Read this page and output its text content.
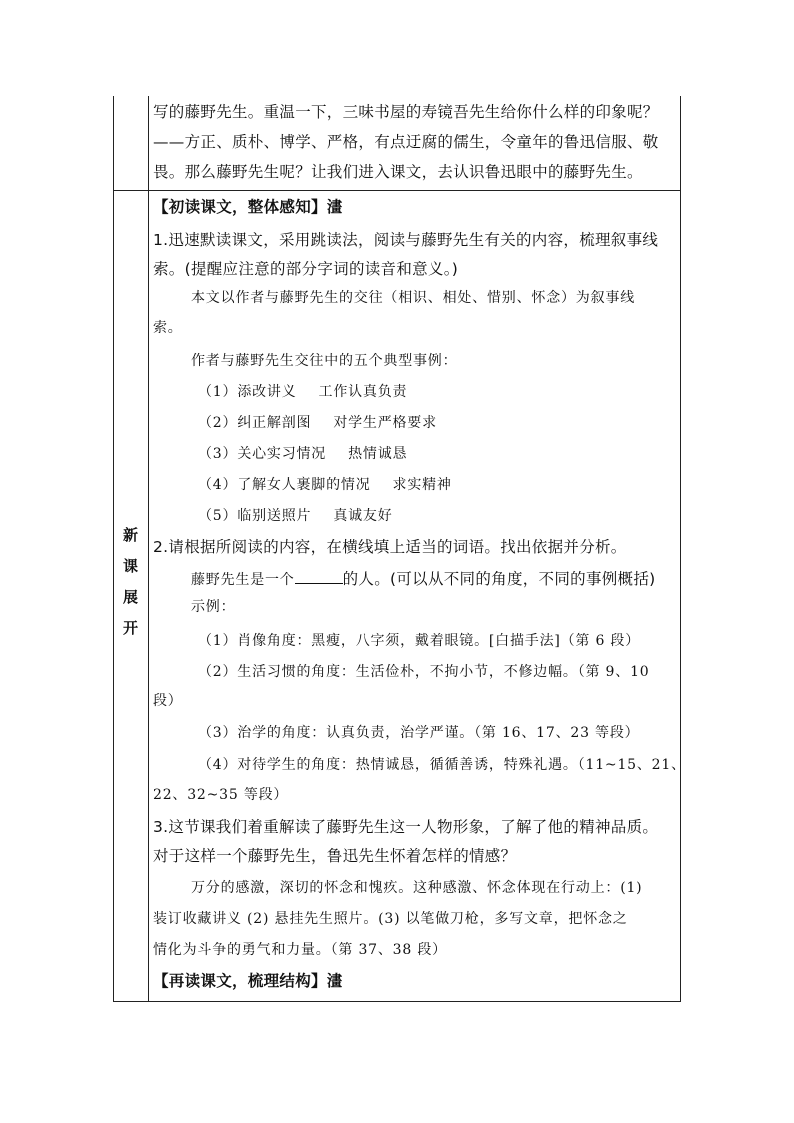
写的藤野先生。重温一下，三味书屋的寿镜吾先生给你什么样的印象呢？
——方正、质朴、博学、严格，有点迂腐的儒生，令童年的鲁迅信服、敬
畏。那么藤野先生呢？让我们进入课文，去认识鲁迅眼中的藤野先生。
新
课
展
开
【初读课文，整体感知】澅
1.迅速默读课文，采用跳读法，阅读与藤野先生有关的内容，梳理叙事线
索。(提醒应注意的部分字词的读音和意义。)
本文以作者与藤野先生的交往（相识、相处、惜别、怀念）为叙事线
索。
作者与藤野先生交往中的五个典型事例：
（1）添改讲义 工作认真负责
（2）纠正解剖图 对学生严格要求
（3）关心实习情况 热情诚恳
（4）了解女人裹脚的情况 求实精神
（5）临别送照片 真诚友好
2.请根据所阅读的内容，在横线填上适当的词语。找出依据并分析。
藤野先生是一个	的人。(可以从不同的角度，不同的事例概括)
示例：
（1）肖像角度：黑瘦，八字须，戴着眼镜。[白描手法]（第 6 段）
（2）生活习惯的角度：生活俭朴，不拘小节，不修边幅。（第 9、10
段）
（3）治学的角度：认真负责，治学严谨。（第 16、17、23 等段）
（4）对待学生的角度：热情诚恳，循循善诱，特殊礼遇。（11~15、21、
22、32~35 等段）
3.这节课我们着重解读了藤野先生这一人物形象，了解了他的精神品质。
对于这样一个藤野先生，鲁迅先生怀着怎样的情感？
万分的感激，深切的怀念和愧疚。这种感激、怀念体现在行动上：(1)
装订收藏讲义 (2) 悬挂先生照片。(3) 以笔做刀枪，多写文章，把怀念之
情化为斗争的勇气和力量。（第 37、38 段）
【再读课文，梳理结构】澅
